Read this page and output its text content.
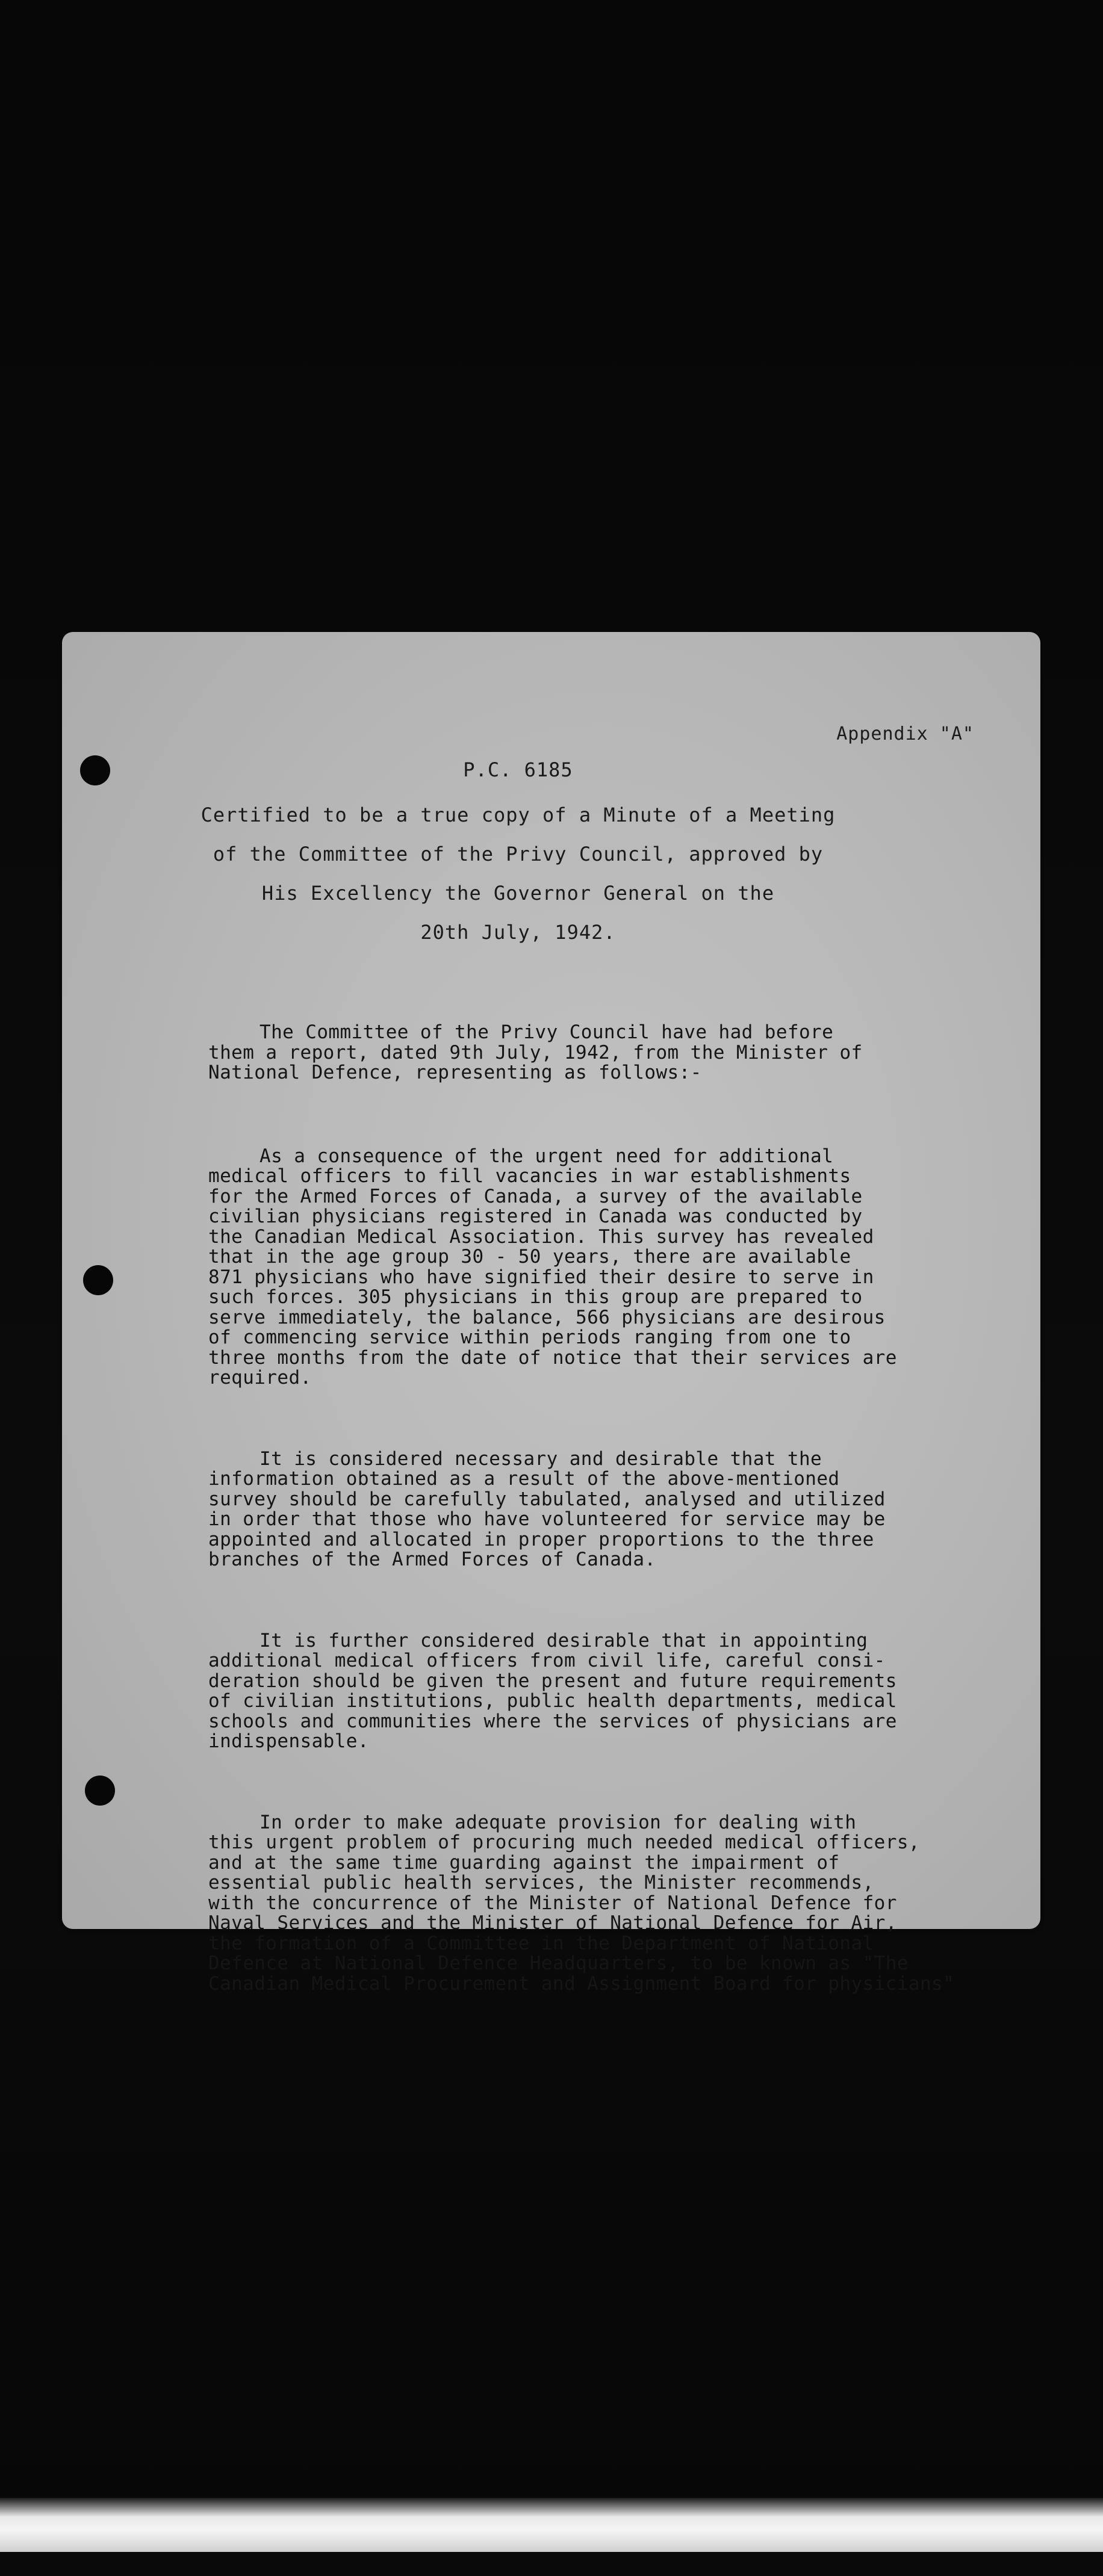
Appendix "A"
P.C. 6185
Certified to be a true copy of a Minute of a Meeting
of the Committee of the Privy Council, approved by
His Excellency the Governor General on the
20th July, 1942.

The Committee of the Privy Council have had before
them a report, dated 9th July, 1942, from the Minister of
National Defence, representing as follows:-

As a consequence of the urgent need for additional
medical officers to fill vacancies in war establishments
for the Armed Forces of Canada, a survey of the available
civilian physicians registered in Canada was conducted by
the Canadian Medical Association. This survey has revealed
that in the age group 30 - 50 years, there are available
871 physicians who have signified their desire to serve in
such forces. 305 physicians in this group are prepared to
serve immediately, the balance, 566 physicians are desirous
of commencing service within periods ranging from one to
three months from the date of notice that their services are
required.

It is considered necessary and desirable that the
information obtained as a result of the above-mentioned
survey should be carefully tabulated, analysed and utilized
in order that those who have volunteered for service may be
appointed and allocated in proper proportions to the three
branches of the Armed Forces of Canada.

It is further considered desirable that in appointing
additional medical officers from civil life, careful consi-
deration should be given the present and future requirements
of civilian institutions, public health departments, medical
schools and communities where the services of physicians are
indispensable.

In order to make adequate provision for dealing with
this urgent problem of procuring much needed medical officers,
and at the same time guarding against the impairment of
essential public health services, the Minister recommends,
with the concurrence of the Minister of National Defence for
Naval Services and the Minister of National Defence for Air,
the formation of a Committee in the Department of National
Defence at National Defence Headquarters, to be known as "The
Canadian Medical Procurement and Assignment Board for physicians"
